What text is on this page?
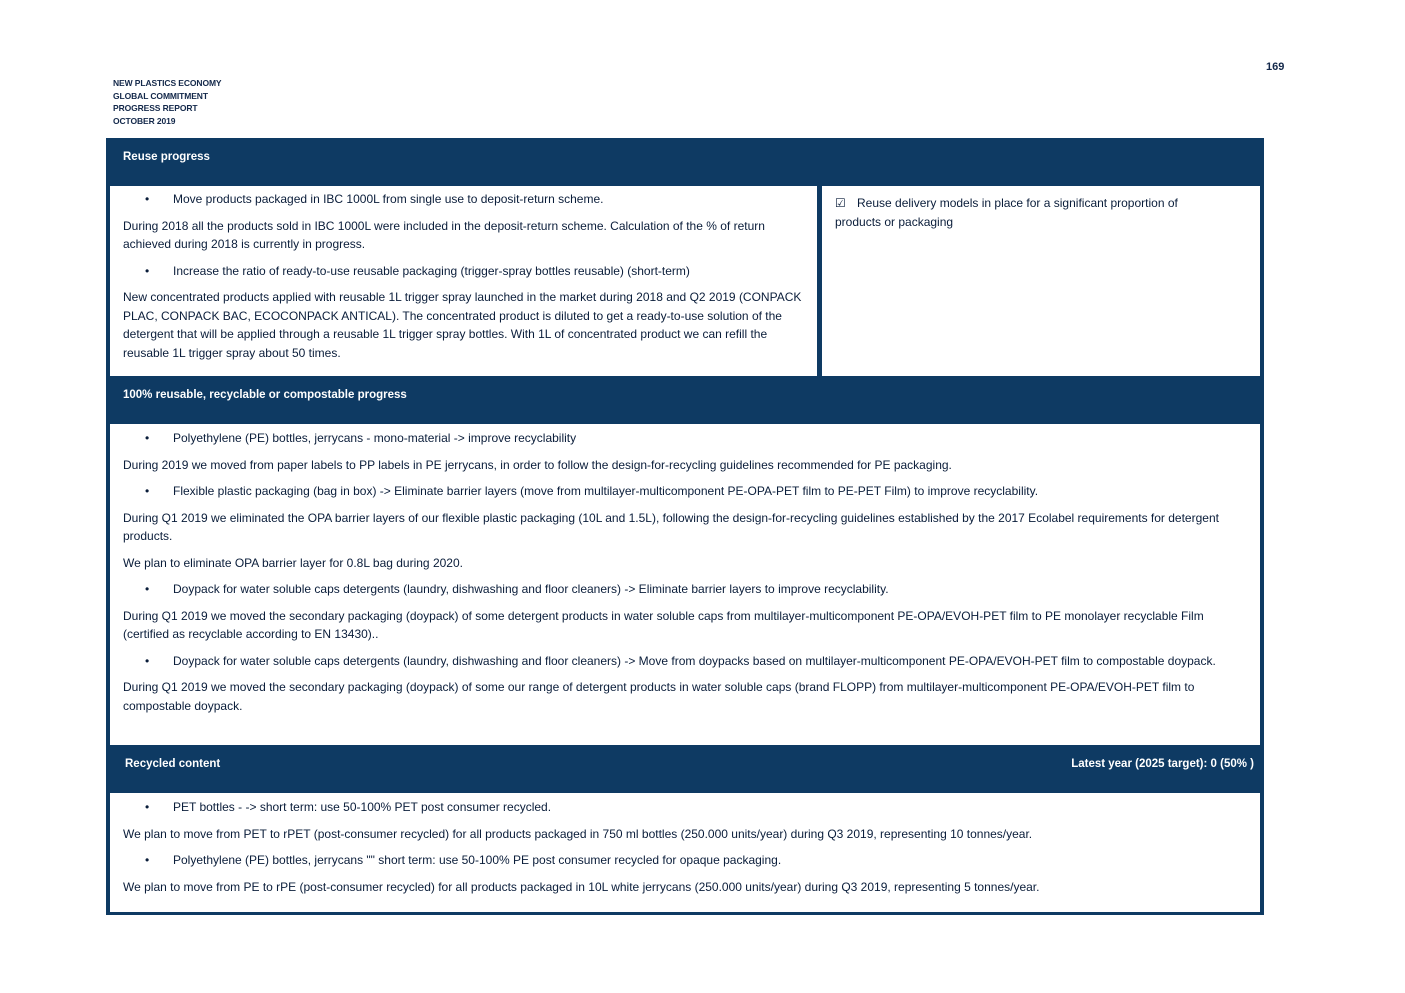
NEW PLASTICS ECONOMY
GLOBAL COMMITMENT
PROGRESS REPORT
OCTOBER 2019
169
Reuse progress

• Move products packaged in IBC 1000L from single use to deposit-return scheme.

During 2018 all the products sold in IBC 1000L were included in the deposit-return scheme. Calculation of the % of return achieved during 2018 is currently in progress.

• Increase the ratio of ready-to-use reusable packaging (trigger-spray bottles reusable) (short-term)

New concentrated products applied with reusable 1L trigger spray launched in the market during 2018 and Q2 2019 (CONPACK PLAC, CONPACK BAC, ECOCONPACK ANTICAL). The concentrated product is diluted to get a ready-to-use solution of the detergent that will be applied through a reusable 1L trigger spray bottles. With 1L of concentrated product we can refill the reusable 1L trigger spray about 50 times.

☑ Reuse delivery models in place for a significant proportion of products or packaging

100% reusable, recyclable or compostable progress

• Polyethylene (PE) bottles, jerrycans - mono-material -> improve recyclability

During 2019 we moved from paper labels to PP labels in PE jerrycans, in order to follow the design-for-recycling guidelines recommended for PE packaging.

• Flexible plastic packaging (bag in box) -> Eliminate barrier layers (move from multilayer-multicomponent PE-OPA-PET film to PE-PET Film) to improve recyclability.

During Q1 2019 we eliminated the OPA barrier layers of our flexible plastic packaging (10L and 1.5L), following the design-for-recycling guidelines established by the 2017 Ecolabel requirements for detergent products.

We plan to eliminate OPA barrier layer for 0.8L bag during 2020.

• Doypack for water soluble caps detergents (laundry, dishwashing and floor cleaners) -> Eliminate barrier layers to improve recyclability.

During Q1 2019 we moved the secondary packaging (doypack) of some detergent products in water soluble caps from multilayer-multicomponent PE-OPA/EVOH-PET film to PE monolayer recyclable Film (certified as recyclable according to EN 13430)..

• Doypack for water soluble caps detergents (laundry, dishwashing and floor cleaners) -> Move from doypacks based on multilayer-multicomponent PE-OPA/EVOH-PET film to compostable doypack.

During Q1 2019 we moved the secondary packaging (doypack) of some our range of detergent products in water soluble caps (brand FLOPP) from multilayer-multicomponent PE-OPA/EVOH-PET film to compostable doypack.

Recycled content	Latest year (2025 target): 0 (50% )

• PET bottles - -> short term: use 50-100% PET post consumer recycled.

We plan to move from PET to rPET (post-consumer recycled) for all products packaged in 750 ml bottles (250.000 units/year) during Q3 2019, representing 10 tonnes/year.

• Polyethylene (PE) bottles, jerrycans "" short term: use 50-100% PE post consumer recycled for opaque packaging.

We plan to move from PE to rPE (post-consumer recycled) for all products packaged in 10L white jerrycans (250.000 units/year) during Q3 2019, representing 5 tonnes/year.
